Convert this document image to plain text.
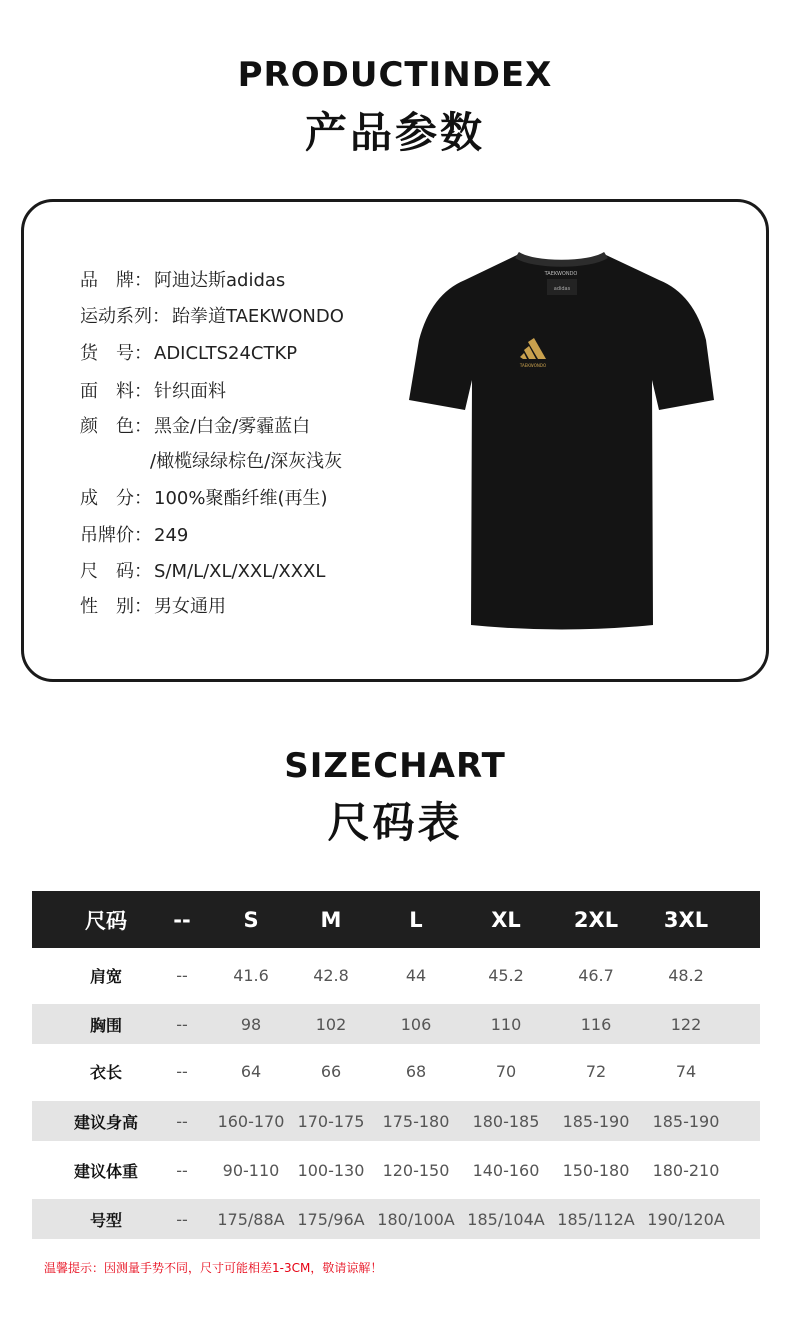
PRODUCTINDEX
产品参数
品　牌： 阿迪达斯adidas
运动系列： 跆拳道TAEKWONDO
货　号： ADICLTS24CTKP
面　料： 针织面料
颜　色： 黑金/白金/雾霾蓝白
/橄榄绿绿棕色/深灰浅灰
成　分： 100%聚酯纤维(再生)
吊牌价： 249
尺　码： S/M/L/XL/XXL/XXXL
性　别： 男女通用
TAEKWONDO
adidas
TAEKWONDO
SIZECHART
尺码表
尺码	--	S	M	L	XL	2XL	3XL
肩宽	--	41.6	42.8	44	45.2	46.7	48.2
胸围	--	98	102	106	110	116	122
衣长	--	64	66	68	70	72	74
建议身高	--	160-170 170-175	175-180	180-185	185-190	185-190
建议体重	--	90-110	100-130	120-150	140-160	150-180	180-210
号型	--	175/88A 175/96A 180/100A 185/104A 185/112A 190/120A
温馨提示：因测量手势不同，尺寸可能相差1-3CM，敬请谅解！
